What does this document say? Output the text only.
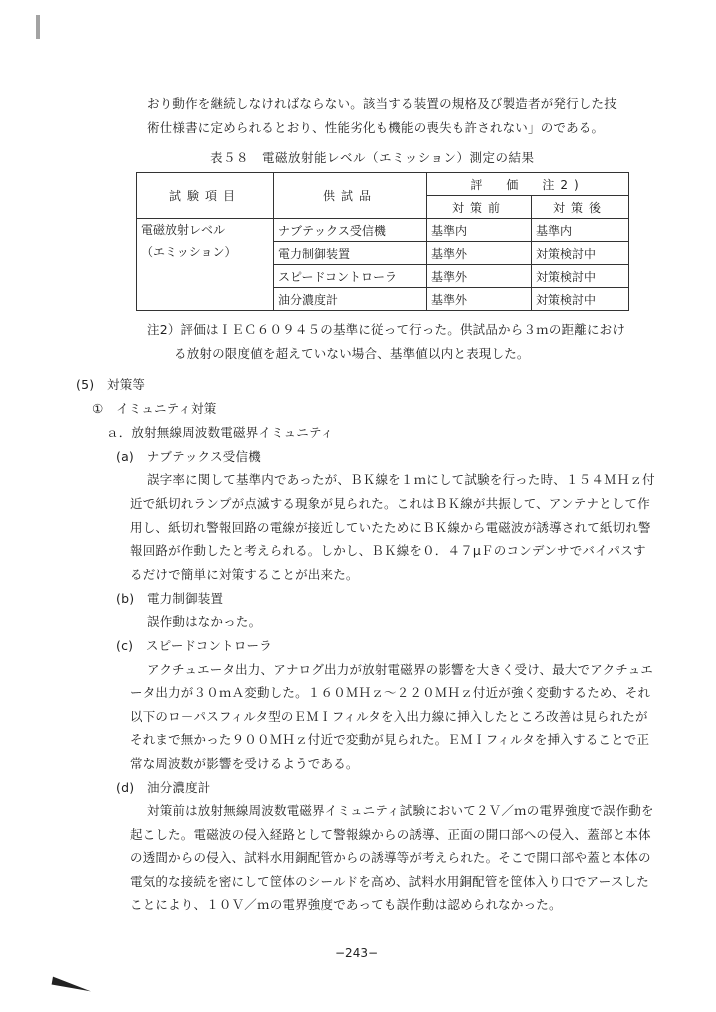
おり動作を継続しなければならない。該当する装置の規格及び製造者が発行した技
術仕様書に定められるとおり、性能劣化も機能の喪失も許されない」のである。
表５８　電磁放射能レベル（エミッション）測定の結果
試験項目	供試品	評　価　注2)	
		対策前	対策後

電磁放射レベル
（エミッション）	ナブテックス受信機	基準内	基準内
	電力制御装置	基準外	対策検討中
	スピードコントローラ	基準外	対策検討中
	油分濃度計	基準外	対策検討中
注2）評価はＩＥＣ６０９４５の基準に従って行った。供試品から３ｍの距離におけ
る放射の限度値を超えていない場合、基準値以内と表現した。
(5)　対策等
①　イミュニティ対策
ａ．放射無線周波数電磁界イミュニティ
(a)　ナブテックス受信機
誤字率に関して基準内であったが、ＢＫ線を１ｍにして試験を行った時、１５４ＭＨｚ付
近で紙切れランプが点滅する現象が見られた。これはＢＫ線が共振して、アンテナとして作
用し、紙切れ警報回路の電線が接近していたためにＢＫ線から電磁波が誘導されて紙切れ警
報回路が作動したと考えられる。しかし、ＢＫ線を０．４７μＦのコンデンサでバイパスす
るだけで簡単に対策することが出来た。
(b)　電力制御装置
誤作動はなかった。
(c)　スピードコントローラ
アクチュエータ出力、アナログ出力が放射電磁界の影響を大きく受け、最大でアクチュエ
ータ出力が３０ｍＡ変動した。１６０ＭＨｚ～２２０ＭＨｚ付近が強く変動するため、それ
以下のロ－パスフィルタ型のＥＭＩフィルタを入出力線に挿入したところ改善は見られたが
それまで無かった９００ＭＨｚ付近で変動が見られた。ＥＭＩフィルタを挿入することで正
常な周波数が影響を受けるようである。
(d)　油分濃度計
対策前は放射無線周波数電磁界イミュニティ試験において２Ｖ／ｍの電界強度で誤作動を
起こした。電磁波の侵入経路として警報線からの誘導、正面の開口部への侵入、蓋部と本体
の透間からの侵入、試料水用銅配管からの誘導等が考えられた。そこで開口部や蓋と本体の
電気的な接続を密にして筐体のシールドを高め、試料水用銅配管を筐体入り口でアースした
ことにより、１０Ｖ／ｍの電界強度であっても誤作動は認められなかった。
−243−
